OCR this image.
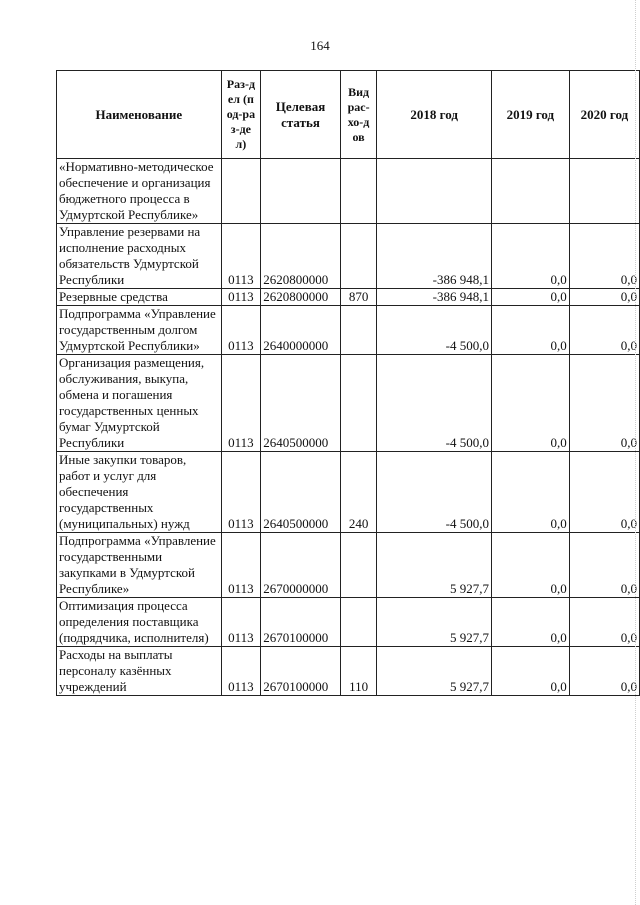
164
Наименование	Раз-дел (под-раз-дел)	Целевая статья	Вид рас-хо-дов	2018 год	2019 год	2020 год
«Нормативно-методическое обеспечение и организация бюджетного процесса в Удмуртской Республике»						
Управление резервами на исполнение расходных обязательств Удмуртской Республики	0113	2620800000		-386 948,1	0,0	0,0
Резервные средства	0113	2620800000	870	-386 948,1	0,0	0,0
Подпрограмма «Управление государственным долгом Удмуртской Республики»	0113	2640000000		-4 500,0	0,0	0,0
Организация размещения, обслуживания, выкупа, обмена и погашения государственных ценных бумаг Удмуртской Республики	0113	2640500000		-4 500,0	0,0	0,0
Иные закупки товаров, работ и услуг для обеспечения государственных (муниципальных) нужд	0113	2640500000	240	-4 500,0	0,0	0,0
Подпрограмма «Управление государственными закупками в Удмуртской Республике»	0113	2670000000		5 927,7	0,0	0,0
Оптимизация процесса определения поставщика (подрядчика, исполнителя)	0113	2670100000		5 927,7	0,0	0,0
Расходы на выплаты персоналу казённых учреждений	0113	2670100000	110	5 927,7	0,0	0,0
